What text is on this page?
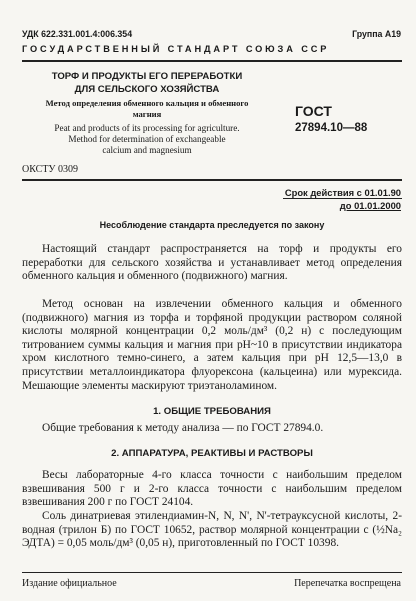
УДК 622.331.001.4:006.354	Группа А19
ГОСУДАРСТВЕННЫЙ СТАНДАРТ СОЮЗА ССР
ТОРФ И ПРОДУКТЫ ЕГО ПЕРЕРАБОТКИ
ДЛЯ СЕЛЬСКОГО ХОЗЯЙСТВА
Метод определения обменного кальция и обменного
магния
Peat and products of its processing for agriculture.
Method for determination of exchangeable
calcium and magnesium
ГОСТ
27894.10—88
ОКСТУ 0309
Срок действия с 01.01.90
до 01.01.2000
Несоблюдение стандарта преследуется по закону

Настоящий стандарт распространяется на торф и продукты его переработки для сельского хозяйства и устанавливает метод определения обменного кальция и обменного (подвижного) магния.

Метод основан на извлечении обменного кальция и обменного (подвижного) магния из торфа и торфяной продукции раствором соляной кислоты молярной концентрации 0,2 моль/дм³ (0,2 н) с последующим титрованием суммы кальция и магния при pH~10 в присутствии индикатора хром кислотного темно-синего, а затем кальция при pH 12,5—13,0 в присутствии металлоиндикатора флуорексона (кальцеина) или мурексида. Мешающие элементы маскируют триэтаноламином.

1. ОБЩИЕ ТРЕБОВАНИЯ

Общие требования к методу анализа — по ГОСТ 27894.0.

2. АППАРАТУРА, РЕАКТИВЫ И РАСТВОРЫ

Весы лабораторные 4-го класса точности с наибольшим пределом взвешивания 500 г и 2-го класса точности с наибольшим пределом взвешивания 200 г по ГОСТ 24104.

Соль динатриевая этилендиамин-N, N, N', N'-тетрауксусной кислоты, 2-водная (трилон Б) по ГОСТ 10652, раствор молярной концентрации с (½Na₂ ЭДТА) = 0,05 моль/дм³ (0,05 н), приготовленный по ГОСТ 10398.

Издание официальное	Перепечатка воспрещена
